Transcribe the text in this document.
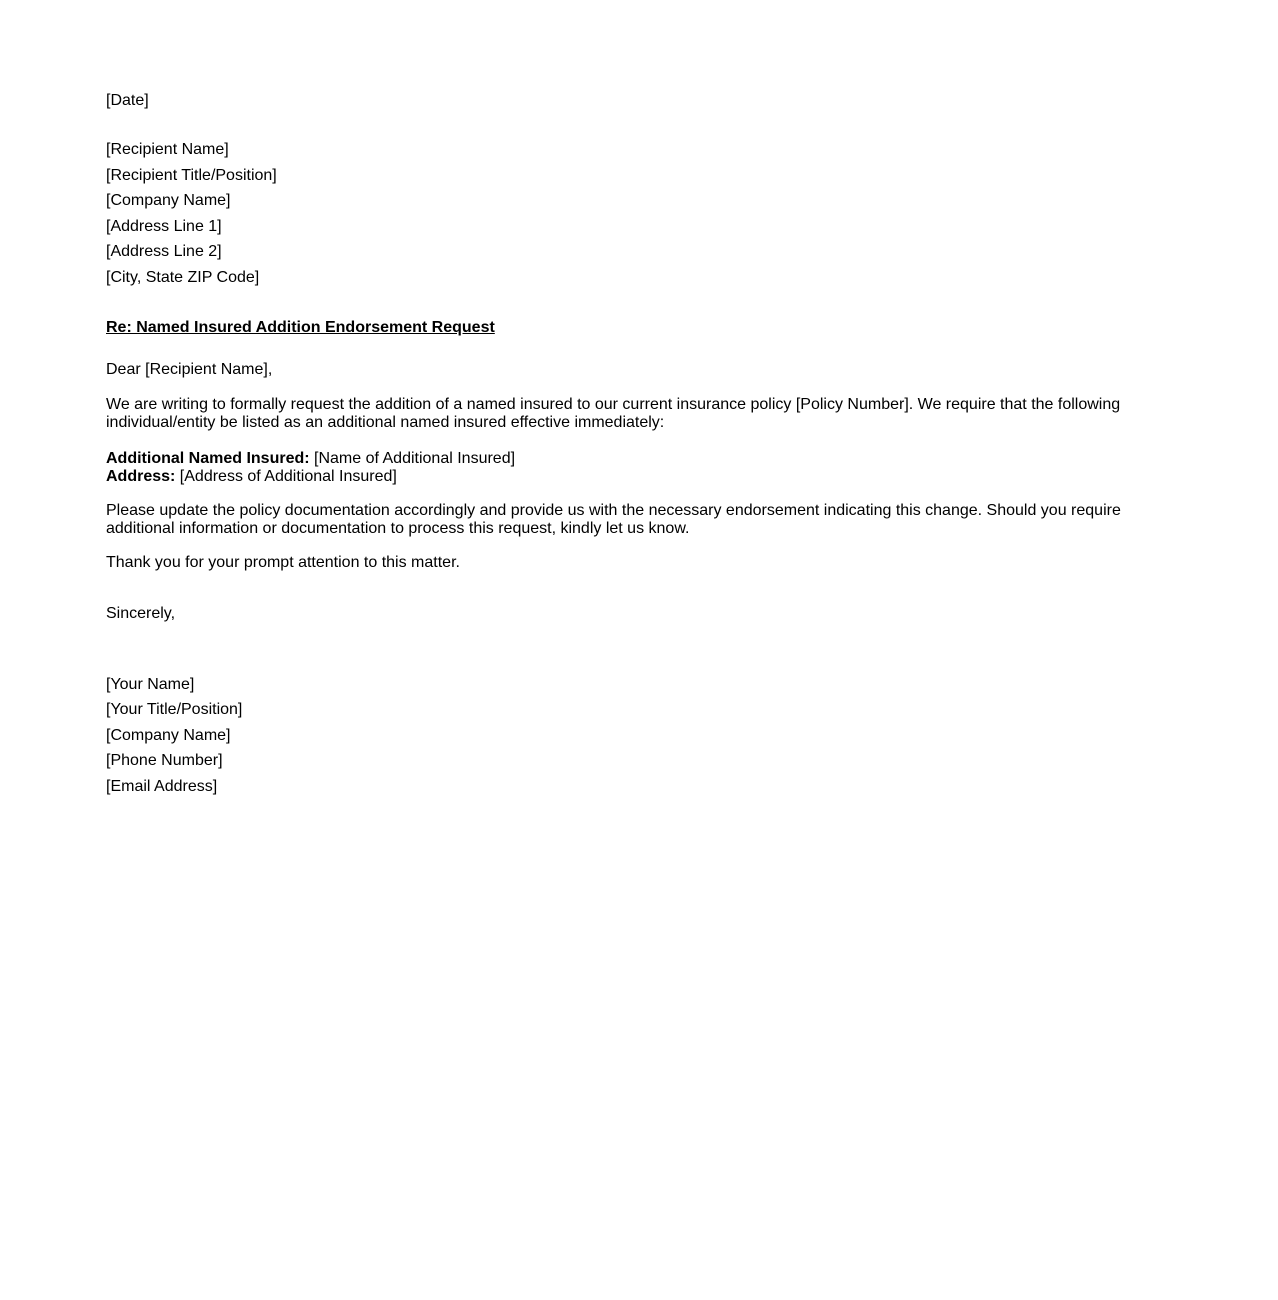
[Date]
[Recipient Name]
[Recipient Title/Position]
[Company Name]
[Address Line 1]
[Address Line 2]
[City, State ZIP Code]
Re: Named Insured Addition Endorsement Request
Dear [Recipient Name],
We are writing to formally request the addition of a named insured to our current insurance policy [Policy Number]. We require that the following individual/entity be listed as an additional named insured effective immediately:
Additional Named Insured: [Name of Additional Insured]
Address: [Address of Additional Insured]
Please update the policy documentation accordingly and provide us with the necessary endorsement indicating this change. Should you require additional information or documentation to process this request, kindly let us know.
Thank you for your prompt attention to this matter.
Sincerely,
[Your Name]
[Your Title/Position]
[Company Name]
[Phone Number]
[Email Address]
